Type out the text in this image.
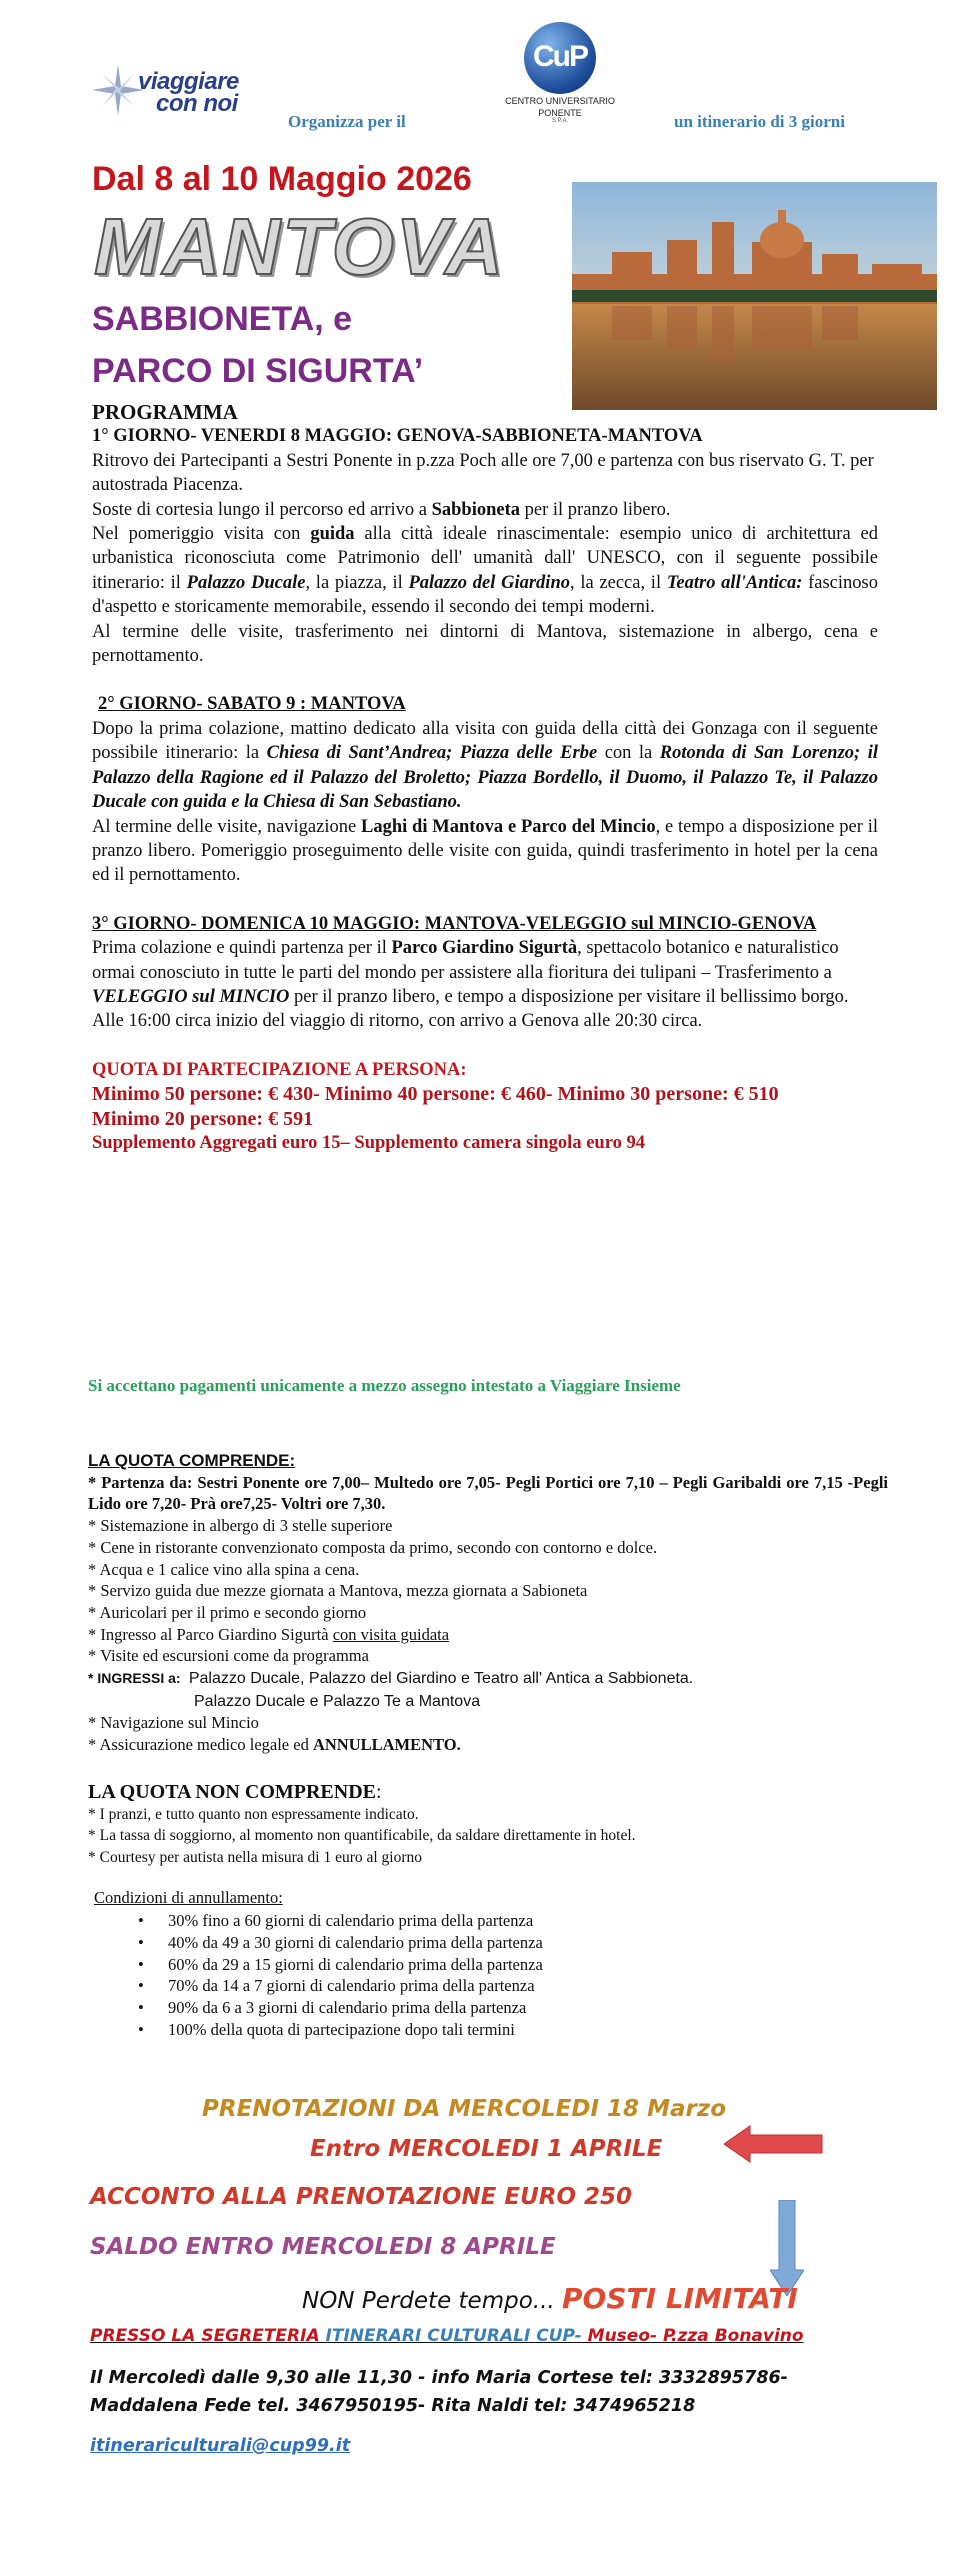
viaggiare
con noi
Organizza per il
CuP
CENTRO UNIVERSITARIO
PONENTE
S.P.A.	un itinerario di 3 giorni
Dal 8 al 10 Maggio 2026
MANTOVA
SABBIONETA, e
PARCO DI SIGURTA’

PROGRAMMA

1° GIORNO- VENERDI 8 MAGGIO: GENOVA-SABBIONETA-MANTOVA

Ritrovo dei Partecipanti a Sestri Ponente in p.zza Poch alle ore 7,00 e partenza con bus riservato G. T. per autostrada Piacenza.

Soste di cortesia lungo il percorso ed arrivo a Sabbioneta per il pranzo libero.

Nel pomeriggio visita con guida alla città ideale rinascimentale: esempio unico di architettura ed urbanistica riconosciuta come Patrimonio dell' umanità dall' UNESCO, con il seguente possibile itinerario: il Palazzo Ducale, la piazza, il Palazzo del Giardino, la zecca, il Teatro all'Antica: fascinoso d'aspetto e storicamente memorabile, essendo il secondo dei tempi moderni.

Al termine delle visite, trasferimento nei dintorni di Mantova, sistemazione in albergo, cena e pernottamento.

2° GIORNO- SABATO 9 : MANTOVA

Dopo la prima colazione, mattino dedicato alla visita con guida della città dei Gonzaga con il seguente possibile itinerario: la Chiesa di Sant’Andrea; Piazza delle Erbe con la Rotonda di San Lorenzo; il Palazzo della Ragione ed il Palazzo del Broletto; Piazza Bordello, il Duomo, il Palazzo Te, il Palazzo Ducale con guida e la Chiesa di San Sebastiano.

Al termine delle visite, navigazione Laghi di Mantova e Parco del Mincio, e tempo a disposizione per il pranzo libero. Pomeriggio proseguimento delle visite con guida, quindi trasferimento in hotel per la cena ed il pernottamento.

3° GIORNO- DOMENICA 10 MAGGIO: MANTOVA-VELEGGIO sul MINCIO-GENOVA

Prima colazione e quindi partenza per il Parco Giardino Sigurtà, spettacolo botanico e naturalistico ormai conosciuto in tutte le parti del mondo per assistere alla fioritura dei tulipani – Trasferimento a VELEGGIO sul MINCIO per il pranzo libero, e tempo a disposizione per visitare il bellissimo borgo.

Alle 16:00 circa inizio del viaggio di ritorno, con arrivo a Genova alle 20:30 circa.

QUOTA DI PARTECIPAZIONE A PERSONA:

Minimo 50 persone: € 430- Minimo 40 persone: € 460- Minimo 30 persone: € 510

Minimo 20 persone: € 591

Supplemento Aggregati euro 15– Supplemento camera singola euro 94

Si accettano pagamenti unicamente a mezzo assegno intestato a Viaggiare Insieme

LA QUOTA COMPRENDE:

* Partenza da: Sestri Ponente ore 7,00– Multedo ore 7,05- Pegli Portici ore 7,10 – Pegli Garibaldi ore 7,15 -Pegli Lido ore 7,20- Prà ore7,25- Voltri ore 7,30.

* Sistemazione in albergo di 3 stelle superiore

* Cene in ristorante convenzionato composta da primo, secondo con contorno e dolce.

* Acqua e 1 calice vino alla spina a cena.

* Servizo guida due mezze giornata a Mantova, mezza giornata a Sabioneta

* Auricolari per il primo e secondo giorno

* Ingresso al Parco Giardino Sigurtà con visita guidata

* Visite ed escursioni come da programma

* INGRESSI a: Palazzo Ducale, Palazzo del Giardino e Teatro all' Antica a Sabbioneta.

Palazzo Ducale e Palazzo Te a Mantova

* Navigazione sul Mincio

* Assicurazione medico legale ed ANNULLAMENTO.

LA QUOTA NON COMPRENDE:

* I pranzi, e tutto quanto non espressamente indicato.

* La tassa di soggiorno, al momento non quantificabile, da saldare direttamente in hotel.

* Courtesy per autista nella misura di 1 euro al giorno

Condizioni di annullamento:

• 30% fino a 60 giorni di calendario prima della partenza
• 40% da 49 a 30 giorni di calendario prima della partenza
• 60% da 29 a 15 giorni di calendario prima della partenza
• 70% da 14 a 7 giorni di calendario prima della partenza
• 90% da 6 a 3 giorni di calendario prima della partenza
• 100% della quota di partecipazione dopo tali termini
PRENOTAZIONI DA MERCOLEDI 18 Marzo
Entro MERCOLEDI 1 APRILE
ACCONTO ALLA PRENOTAZIONE EURO 250
SALDO ENTRO MERCOLEDI 8 APRILE
NON Perdete tempo... POSTI LIMITATI
PRESSO LA SEGRETERIA ITINERARI CULTURALI CUP- Museo- P.zza Bonavino
Il Mercoledì dalle 9,30 alle 11,30 - info Maria Cortese tel: 3332895786-
Maddalena Fede tel. 3467950195- Rita Naldi tel: 3474965218
itinerariculturali@cup99.it
